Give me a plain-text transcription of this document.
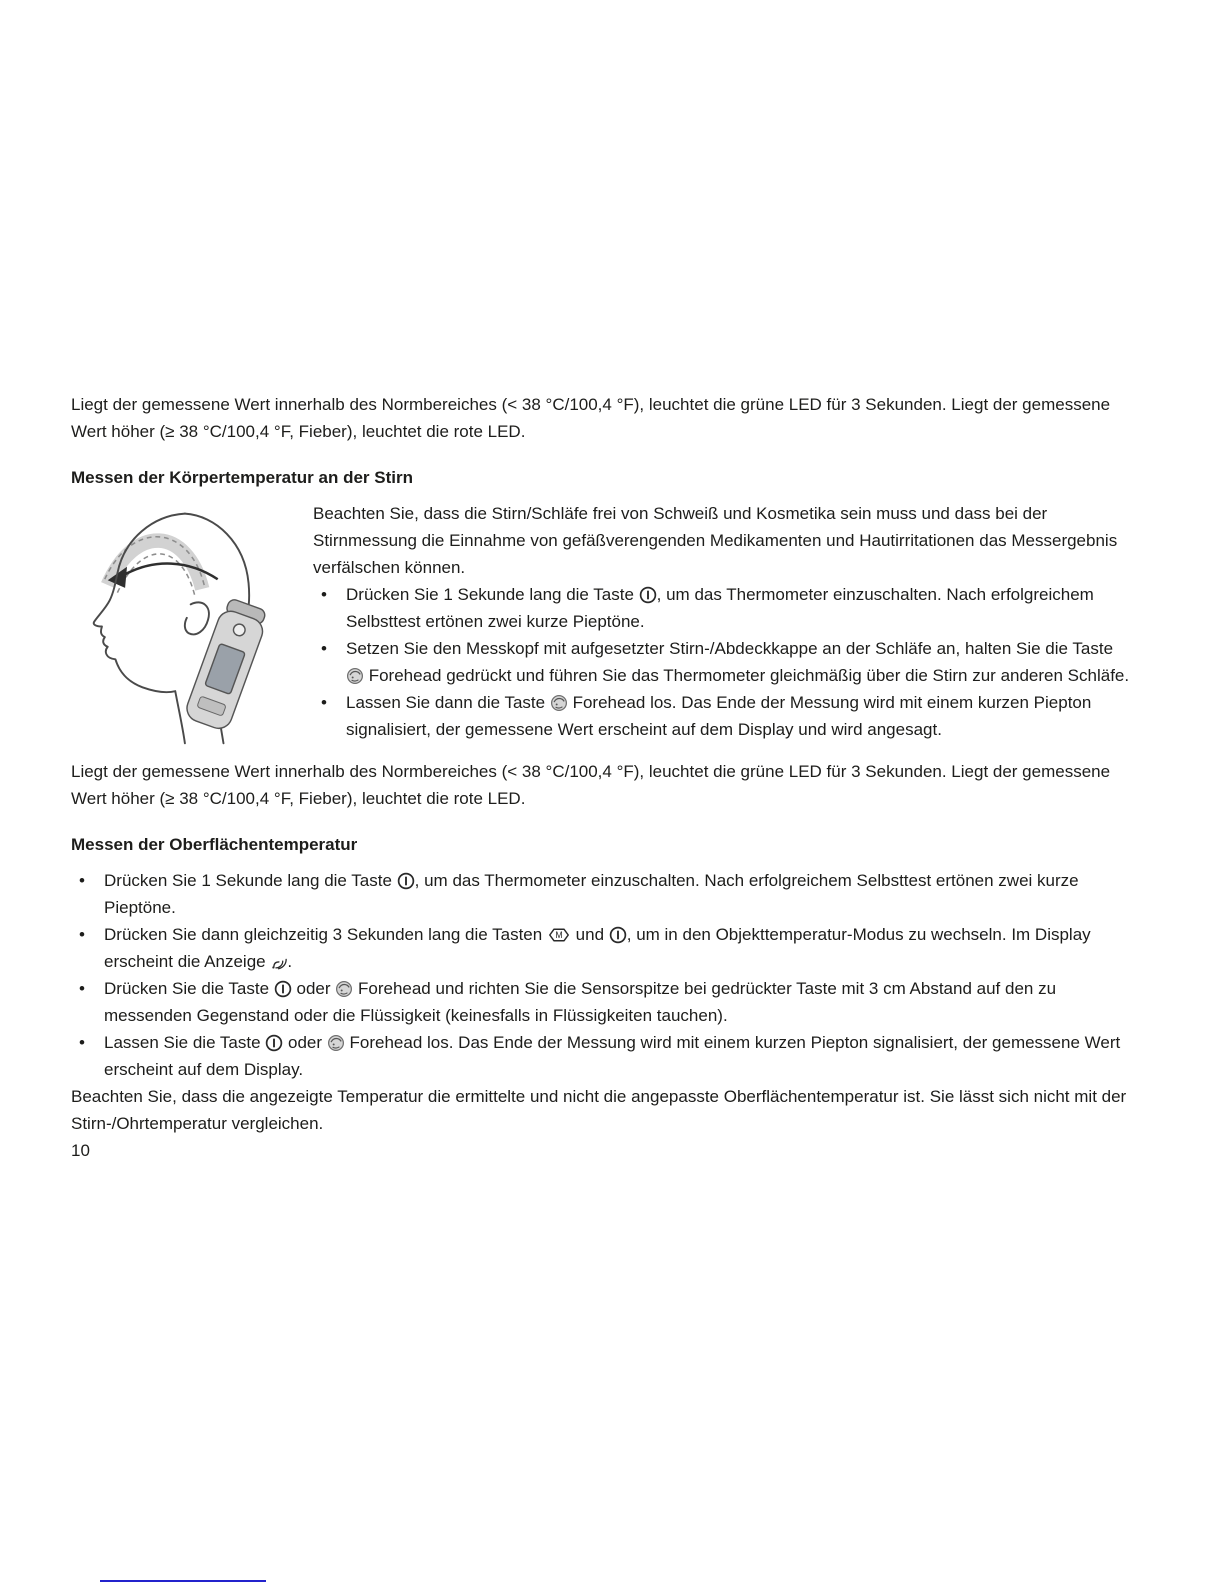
Liegt der gemessene Wert innerhalb des Normbereiches (< 38 °C/100,4 °F), leuchtet die grüne LED für 3 Sekunden. Liegt der gemessene Wert höher (≥ 38 °C/100,4 °F, Fieber), leuchtet die rote LED.

Messen der Körpertemperatur an der Stirn

Beachten Sie, dass die Stirn/Schläfe frei von Schweiß und Kosmetika sein muss und dass bei der Stirnmessung die Einnahme von gefäßverengenden Medikamenten und Hautirritationen das Messergebnis verfälschen können.

• Drücken Sie 1 Sekunde lang die Taste
, um das Thermometer einzuschalten. Nach erfolgreichem Selbsttest ertönen zwei kurze Pieptöne.
• Setzen Sie den Messkopf mit aufgesetzter Stirn-/Abdeckkappe an der Schläfe an, halten Sie die Taste
Forehead gedrückt und führen Sie das Thermometer gleichmäßig über die Stirn zur anderen Schläfe.
• Lassen Sie dann die Taste
Forehead los. Das Ende der Messung wird mit einem kurzen Piepton signalisiert, der gemessene Wert erscheint auf dem Display und wird angesagt.

Liegt der gemessene Wert innerhalb des Normbereiches (< 38 °C/100,4 °F), leuchtet die grüne LED für 3 Sekunden. Liegt der gemessene Wert höher (≥ 38 °C/100,4 °F, Fieber), leuchtet die rote LED.

Messen der Oberflächentemperatur
• Drücken Sie 1 Sekunde lang die Taste
, um das Thermometer einzuschalten. Nach erfolgreichem Selbsttest ertönen zwei kurze Pieptöne.
• Drücken Sie dann gleichzeitig 3 Sekunden lang die Tasten M und
, um in den Objekttemperatur-Modus zu wechseln. Im Display erscheint die Anzeige
.
• Drücken Sie die Taste
oder
Forehead und richten Sie die Sensorspitze bei gedrückter Taste mit 3 cm Abstand auf den zu messenden Gegenstand oder die Flüssigkeit (keinesfalls in Flüssigkeiten tauchen).
• Lassen Sie die Taste
oder
Forehead los. Das Ende der Messung wird mit einem kurzen Piepton signalisiert, der gemessene Wert erscheint auf dem Display.

Beachten Sie, dass die angezeigte Temperatur die ermittelte und nicht die angepasste Oberflächentemperatur ist. Sie lässt sich nicht mit der Stirn-/Ohrtemperatur vergleichen.

10
